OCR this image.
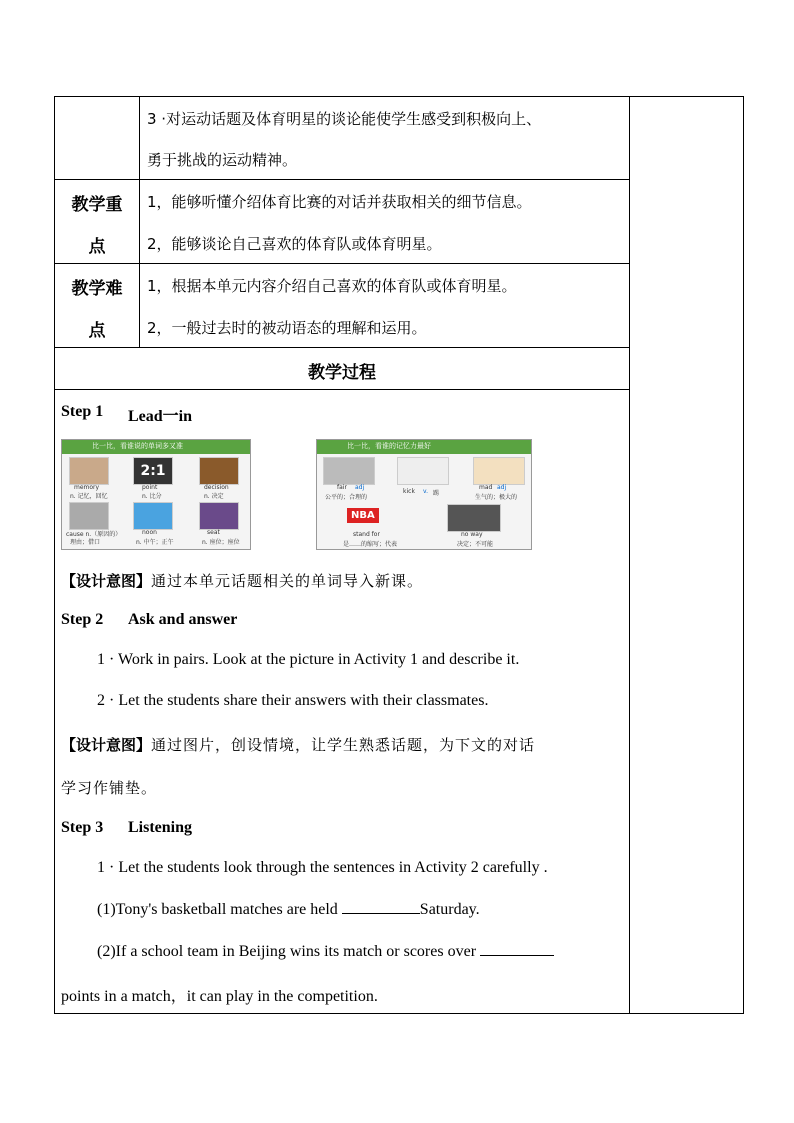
3 ·对运动话题及体育明星的谈论能使学生感受到积极向上、
勇于挑战的运动精神。
教学重
点
1，能够听懂介绍体育比赛的对话并获取相关的细节信息。
2，能够谈论自己喜欢的体育队或体育明星。
教学难
点
1，根据本单元内容介绍自己喜欢的体育队或体育明星。
2，一般过去时的被动语态的理解和运用。
教学过程
Step 1 Lead一in
比一比，看谁说的单词多又准
2:1
memory
n. 记忆，回忆
point
n. 比分
decision
n. 决定
cause n.（原因的）
理由；借口
noon
n. 中午；正午
seat
n. 座位；座位
比一比，看谁的记忆力最好
fair adj
公平的；合理的
kick v. 踢
mad adj
生气的；极大的
NBA
stand for
是……的缩写；代表
no way
决定；不可能
【设计意图】通过本单元话题相关的单词导入新课。
Step 2 Ask and answer
1 · Work in pairs. Look at the picture in Activity 1 and describe it.
2 · Let the students share their answers with their classmates.
【设计意图】通过图片，创设情境，让学生熟悉话题，为下文的对话
学习作铺垫。
Step 3 Listening
1 · Let the students look through the sentences in Activity 2 carefully .
(1)Tony's basketball matches are held	Saturday.
(2)If a school team in Beijing wins its match or scores over
points in a match，it can play in the competition.
